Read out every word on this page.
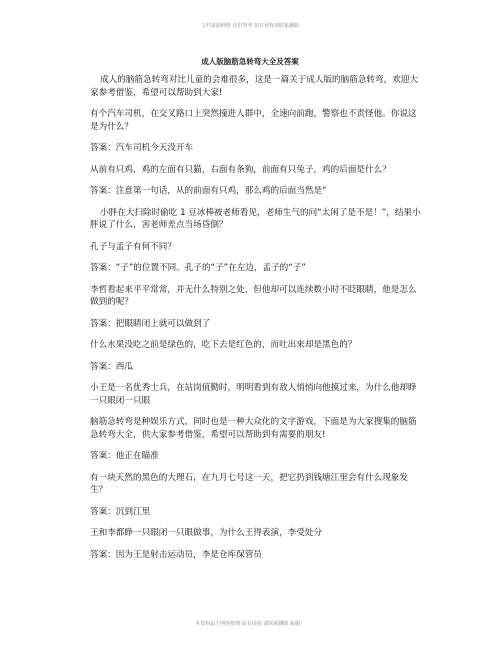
文档来源网络 仅供参考 如有侵权请联系删除
成人版脑筋急转弯大全及答案

成人的脑筋急转弯对比儿童的会难很多，这是一篇关于成人版的脑筋急转弯，欢迎大家参考借鉴，希望可以帮助到大家!

有个汽车司机，在交叉路口上突然撞进人群中，全速向前跑，警察也不责怪他。你说这是为什么？

答案：汽车司机今天没开车

从前有只鸡，鸡的左面有只猫，右面有条狗，前面有只兔子，鸡的后面是什么？

答案：注意第一句话，从的前面有只鸡，那么鸡的后面当然是“

小胖在大扫除时偷吃 1 豆冰棒被老师看见，老师生气的问“太闲了是不是！”，结果小胖说了什么，害老师差点当场昏倒？

孔子与孟子有何不同？

答案：“子”的位置不同。孔子的“子”在左边，孟子的“子”

李哲看起来平平常常，并无什么特别之处，但他却可以连续数小时不眨眼睛，他是怎么做到的呢？

答案：把眼睛闭上就可以做到了

什么水果没吃之前是绿色的，吃下去是红色的，而吐出来却是黑色的？

答案：西瓜

小王是一名优秀士兵，在站岗值勤时，明明看到有敌人悄悄向他摸过来，为什么他却睁一只眼闭一只眼

脑筋急转弯是种娱乐方式，同时也是一种大众化的文字游戏，下面是为大家搜集的脑筋急转弯大全，供大家参考借鉴，希望可以帮助到有需要的朋友!

答案：他正在瞄准

有一块天然的黑色的大理石，在九月七号这一天，把它扔到钱塘江里会有什么现象发生？

答案：沉到江里

王和李都睁一只眼闭一只眼做事，为什么王得表演，李受处分

答案：因为王是射击运动员，李是仓库保管员

本资料属于网络整理 如有侵权 请联系删除 谢谢！
